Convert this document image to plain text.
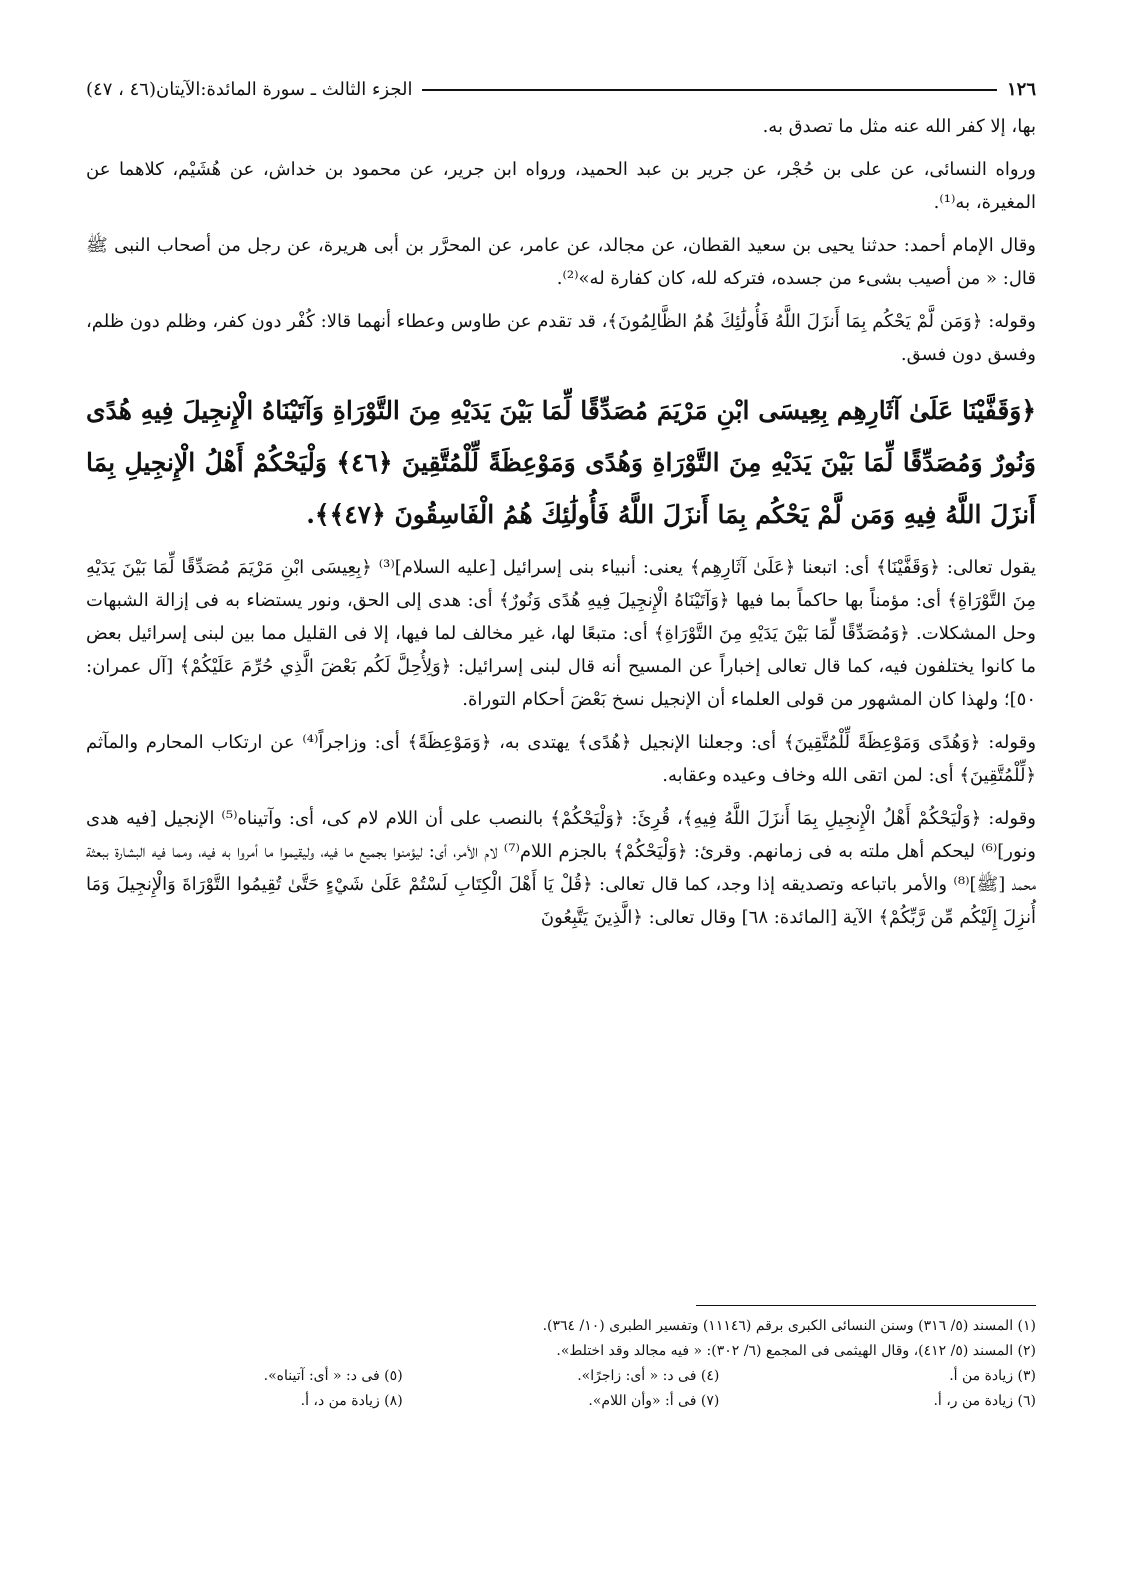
١٢٦
الجزء الثالث ـ سورة المائدة:الآيتان(٤٦ ، ٤٧)

بها، إلا كفر الله عنه مثل ما تصدق به.

ورواه النسائى، عن على بن حُجْر، عن جرير بن عبد الحميد، ورواه ابن جرير، عن محمود بن خداش، عن هُشَيْم، كلاهما عن المغيرة، به⁽¹⁾.

وقال الإمام أحمد: حدثنا يحيى بن سعيد القطان، عن مجالد، عن عامر، عن المحرَّر بن أبى هريرة، عن رجل من أصحاب النبى ﷺ قال: « من أصيب بشىء من جسده، فتركه لله، كان كفارة له»⁽²⁾.

وقوله: ﴿وَمَن لَّمْ يَحْكُم بِمَا أَنزَلَ اللَّهُ فَأُولَٰئِكَ هُمُ الظَّالِمُونَ﴾، قد تقدم عن طاوس وعطاء أنهما قالا: كُفْر دون كفر، وظلم دون ظلم، وفسق دون فسق.

﴿وَقَفَّيْنَا عَلَىٰ آثَارِهِم بِعِيسَى ابْنِ مَرْيَمَ مُصَدِّقًا لِّمَا بَيْنَ يَدَيْهِ مِنَ التَّوْرَاةِ وَآتَيْنَاهُ الْإِنجِيلَ فِيهِ هُدًى وَنُورٌ وَمُصَدِّقًا لِّمَا بَيْنَ يَدَيْهِ مِنَ التَّوْرَاةِ وَهُدًى وَمَوْعِظَةً لِّلْمُتَّقِينَ ﴿٤٦﴾ وَلْيَحْكُمْ أَهْلُ الْإِنجِيلِ بِمَا أَنزَلَ اللَّهُ فِيهِ وَمَن لَّمْ يَحْكُم بِمَا أَنزَلَ اللَّهُ فَأُولَٰئِكَ هُمُ الْفَاسِقُونَ ﴿٤٧﴾﴾.

يقول تعالى: ﴿وَقَفَّيْنَا﴾ أى: اتبعنا ﴿عَلَىٰ آثَارِهِم﴾ يعنى: أنبياء بنى إسرائيل [عليه السلام]⁽³⁾ ﴿بِعِيسَى ابْنِ مَرْيَمَ مُصَدِّقًا لِّمَا بَيْنَ يَدَيْهِ مِنَ التَّوْرَاةِ﴾ أى: مؤمناً بها حاكماً بما فيها ﴿وَآتَيْنَاهُ الْإِنجِيلَ فِيهِ هُدًى وَنُورٌ﴾ أى: هدى إلى الحق، ونور يستضاء به فى إزالة الشبهات وحل المشكلات. ﴿وَمُصَدِّقًا لِّمَا بَيْنَ يَدَيْهِ مِنَ التَّوْرَاةِ﴾ أى: متبعًا لها، غير مخالف لما فيها، إلا فى القليل مما بين لبنى إسرائيل بعض ما كانوا يختلفون فيه، كما قال تعالى إخباراً عن المسيح أنه قال لبنى إسرائيل: ﴿وَلِأُحِلَّ لَكُم بَعْضَ الَّذِي حُرِّمَ عَلَيْكُمْ﴾ [آل عمران: ٥٠]؛ ولهذا كان المشهور من قولى العلماء أن الإنجيل نسخ بَعْضَ أحكام التوراة.

وقوله: ﴿وَهُدًى وَمَوْعِظَةً لِّلْمُتَّقِينَ﴾ أى: وجعلنا الإنجيل ﴿هُدًى﴾ يهتدى به، ﴿وَمَوْعِظَةً﴾ أى: وزاجراً⁽⁴⁾ عن ارتكاب المحارم والمآثم ﴿لِّلْمُتَّقِينَ﴾ أى: لمن اتقى الله وخاف وعيده وعقابه.

وقوله: ﴿وَلْيَحْكُمْ أَهْلُ الْإِنجِيلِ بِمَا أَنزَلَ اللَّهُ فِيهِ﴾، قُرِئَ: ﴿وَلْيَحْكُمْ﴾ بالنصب على أن اللام لام كى، أى: وآتيناه⁽⁵⁾ الإنجيل [فيه هدى ونور]⁽⁶⁾ ليحكم أهل ملته به فى زمانهم. وقرئ: ﴿وَلْيَحْكُمْ﴾ بالجزم اللام⁽⁷⁾ لام الأمر، أى: ليؤمنوا بجميع ما فيه، وليقيموا ما أمروا به فيه، ومما فيه البشارة ببعثة محمد [ﷺ]⁽⁸⁾ والأمر باتباعه وتصديقه إذا وجد، كما قال تعالى: ﴿قُلْ يَا أَهْلَ الْكِتَابِ لَسْتُمْ عَلَىٰ شَيْءٍ حَتَّىٰ تُقِيمُوا التَّوْرَاةَ وَالْإِنجِيلَ وَمَا أُنزِلَ إِلَيْكُم مِّن رَّبِّكُمْ﴾ الآية [المائدة: ٦٨] وقال تعالى: ﴿الَّذِينَ يَتَّبِعُونَ

(١) المسند (٥/ ٣١٦) وسنن النسائى الكبرى برقم (١١١٤٦) وتفسير الطبرى (١٠/ ٣٦٤).
(٢) المسند (٥/ ٤١٢)، وقال الهيثمى فى المجمع (٦/ ٣٠٢): « فيه مجالد وقد اختلط».
(٣) زيادة من أ.
(٤) فى د: « أى: زاجرًا».
(٥) فى د: « أى: آتيناه».
(٦) زيادة من ر، أ.
(٧) فى أ: «وأن اللام».
(٨) زيادة من د، أ.
